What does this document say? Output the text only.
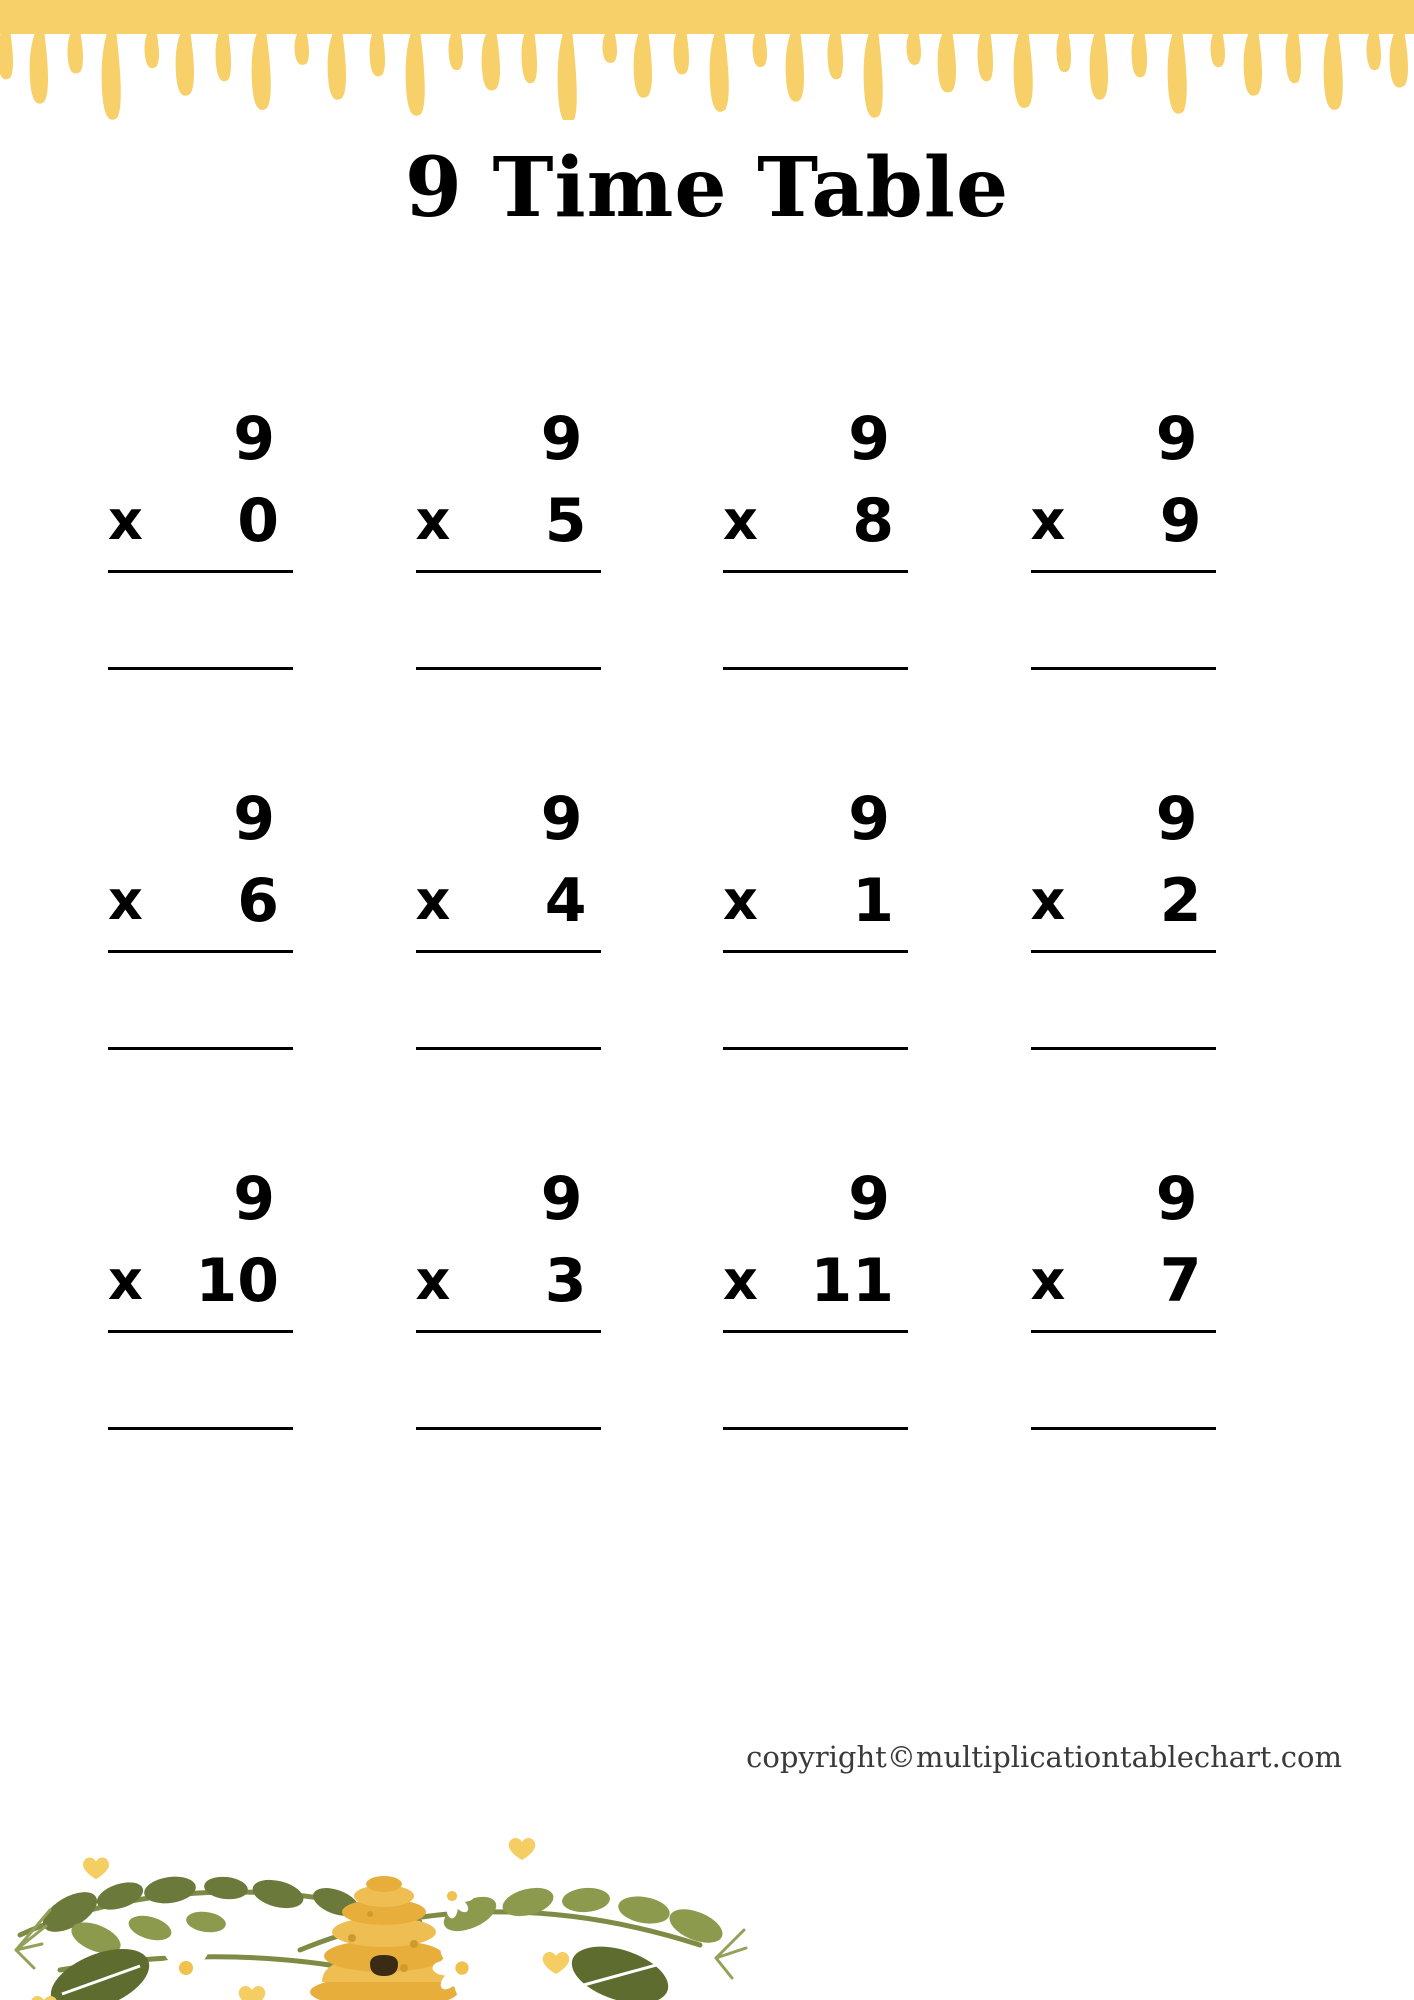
9 Time Table
9
x 0
9
x 5
9
x 8
9
x 9
9
x 6
9
x 4
9
x 1
9
x 2
9
x 10
9
x 3
9
x 11
9
x 7
copyright©multiplicationtablechart.com
